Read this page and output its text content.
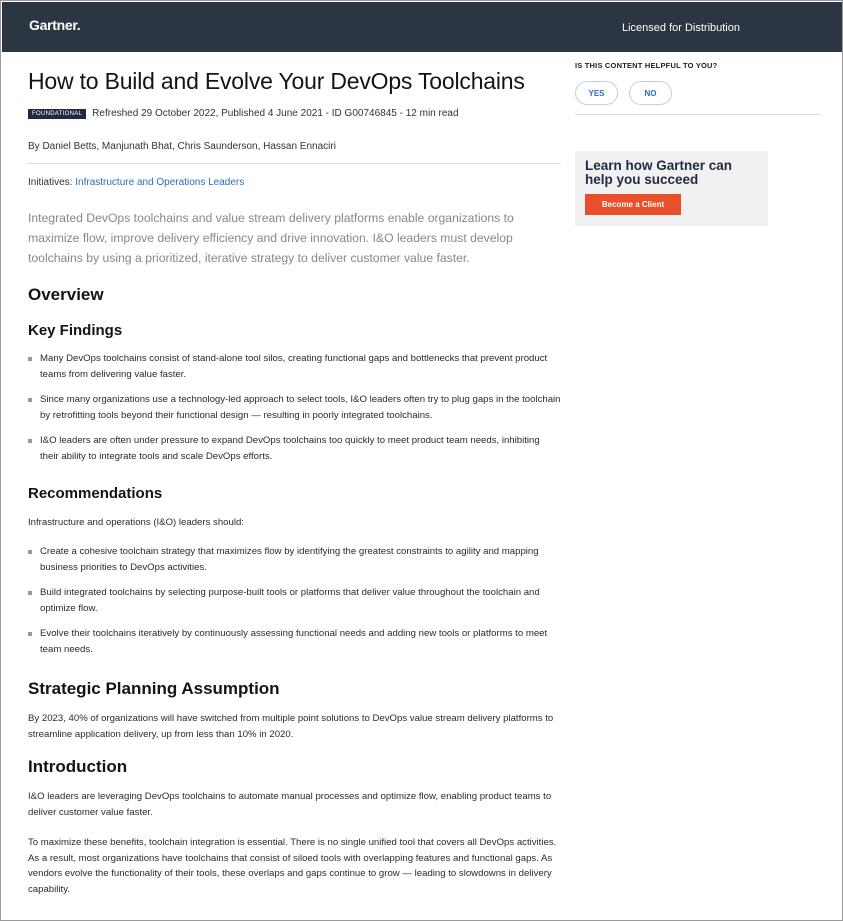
Gartner.	Licensed for Distribution
How to Build and Evolve Your DevOps Toolchains
FOUNDATIONAL	Refreshed 29 October 2022, Published 4 June 2021 - ID G00746845 - 12 min read
By Daniel Betts, Manjunath Bhat, Chris Saunderson, Hassan Ennaciri
Initiatives: Infrastructure and Operations Leaders

Integrated DevOps toolchains and value stream delivery platforms enable organizations to maximize flow, improve delivery efficiency and drive innovation. I&O leaders must develop toolchains by using a prioritized, iterative strategy to deliver customer value faster.

Overview
Key Findings
Many DevOps toolchains consist of stand-alone tool silos, creating functional gaps and bottlenecks that prevent product teams from delivering value faster.
Since many organizations use a technology-led approach to select tools, I&O leaders often try to plug gaps in the toolchain by retrofitting tools beyond their functional design — resulting in poorly integrated toolchains.
I&O leaders are often under pressure to expand DevOps toolchains too quickly to meet product team needs, inhibiting their ability to integrate tools and scale DevOps efforts.
Recommendations

Infrastructure and operations (I&O) leaders should:

Create a cohesive toolchain strategy that maximizes flow by identifying the greatest constraints to agility and mapping business priorities to DevOps activities.
Build integrated toolchains by selecting purpose-built tools or platforms that deliver value throughout the toolchain and optimize flow.
Evolve their toolchains iteratively by continuously assessing functional needs and adding new tools or platforms to meet team needs.
Strategic Planning Assumption

By 2023, 40% of organizations will have switched from multiple point solutions to DevOps value stream delivery platforms to streamline application delivery, up from less than 10% in 2020.

Introduction

I&O leaders are leveraging DevOps toolchains to automate manual processes and optimize flow, enabling product teams to deliver customer value faster.

To maximize these benefits, toolchain integration is essential. There is no single unified tool that covers all DevOps activities. As a result, most organizations have toolchains that consist of siloed tools with overlapping features and functional gaps. As vendors evolve the functionality of their tools, these overlaps and gaps continue to grow — leading to slowdowns in delivery capability.

IS THIS CONTENT HELPFUL TO YOU?
YES	NO
Learn how Gartner can help you succeed
Become a Client
